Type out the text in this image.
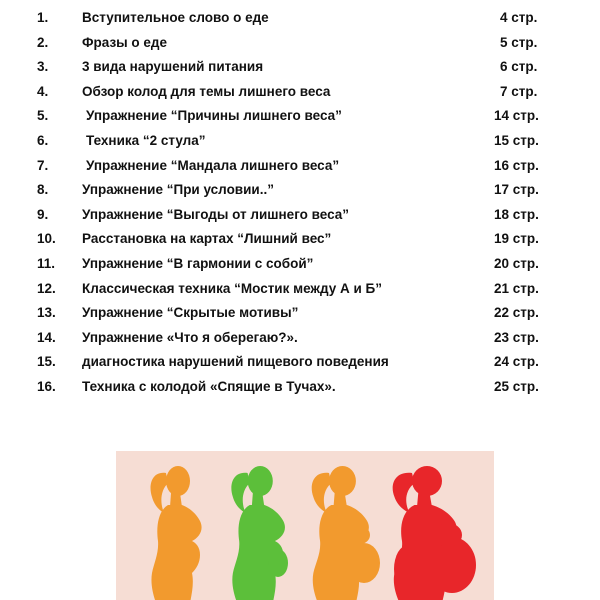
1. Вступительное слово о еде	4 стр.
2. Фразы о еде	5 стр.
3. 3 вида нарушений питания	6 стр.
4. Обзор колод для темы лишнего веса	7 стр.
5.	Упражнение “Причины лишнего веса”	14 стр.
6.	Техника “2 стула”	15 стр.
7.	Упражнение “Мандала лишнего веса”	16 стр.
8. Упражнение “При условии..”	17 стр.
9. Упражнение “Выгоды от лишнего веса”	18 стр.
10. Расстановка на картах “Лишний вес”	19 стр.
11. Упражнение “В гармонии с собой”	20 стр.
12. Классическая техника “Мостик между А и Б”	21 стр.
13. Упражнение “Скрытые мотивы”	22 стр.
14. Упражнение «Что я оберегаю?».	23 стр.
15. диагностика нарушений пищевого поведения	24 стр.
16. Техника с колодой «Спящие в Тучах».	25 стр.
